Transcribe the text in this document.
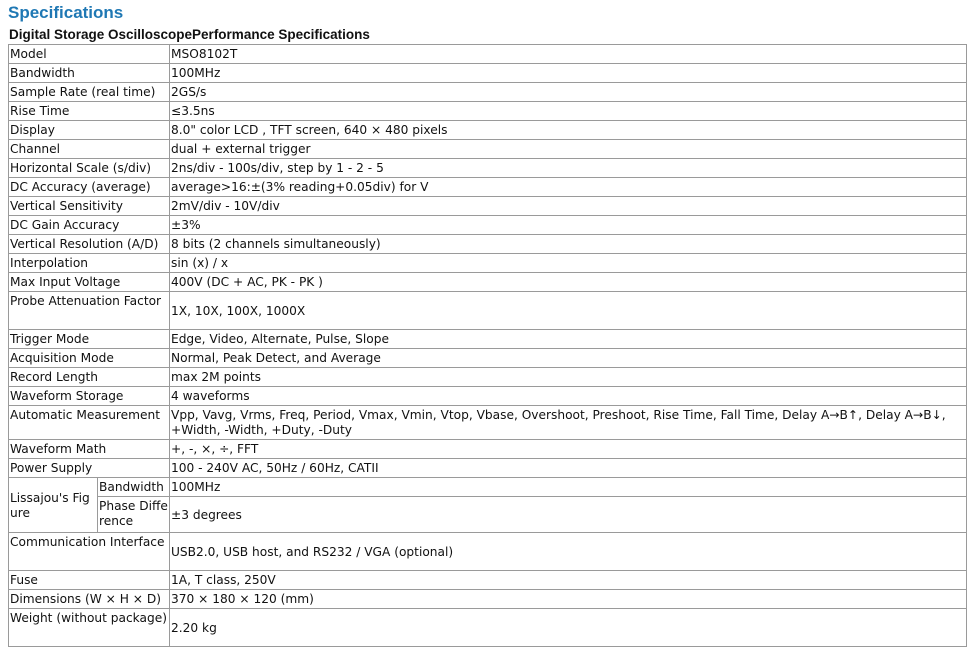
Specifications
Digital Storage OscilloscopePerformance Specifications
Model		MSO8102T
Bandwidth		100MHz
Sample Rate (real time)		2GS/s
Rise Time		≤3.5ns
Display		8.0" color LCD , TFT screen, 640 × 480 pixels
Channel		dual + external trigger
Horizontal Scale (s/div)		2ns/div - 100s/div, step by 1 - 2 - 5
DC Accuracy (average)		average>16:±(3% reading+0.05div) for V
Vertical Sensitivity		2mV/div - 10V/div
DC Gain Accuracy		±3%
Vertical Resolution (A/D)		8 bits (2 channels simultaneously)
Interpolation		sin (x) / x
Max Input Voltage		400V (DC + AC, PK - PK )
Probe Attenuation Factor		1X, 10X, 100X, 1000X
Trigger Mode		Edge, Video, Alternate, Pulse, Slope
Acquisition Mode		Normal, Peak Detect, and Average
Record Length		max 2M points
Waveform Storage		4 waveforms
Automatic Measurement		Vpp, Vavg, Vrms, Freq, Period, Vmax, Vmin, Vtop, Vbase, Overshoot, Preshoot, Rise Time, Fall Time, Delay A→B↑, Delay A→B↓, +Width, -Width, +Duty, -Duty
Waveform Math		+, -, ×, ÷, FFT
Power Supply		100 - 240V AC, 50Hz / 60Hz, CATII
Lissajou's Figure	Bandwidth	100MHz
	Phase Difference	±3 degrees
Communication Interface		USB2.0, USB host, and RS232 / VGA (optional)
Fuse		1A, T class, 250V
Dimensions (W × H × D)		370 × 180 × 120 (mm)
Weight (without package)		2.20 kg
